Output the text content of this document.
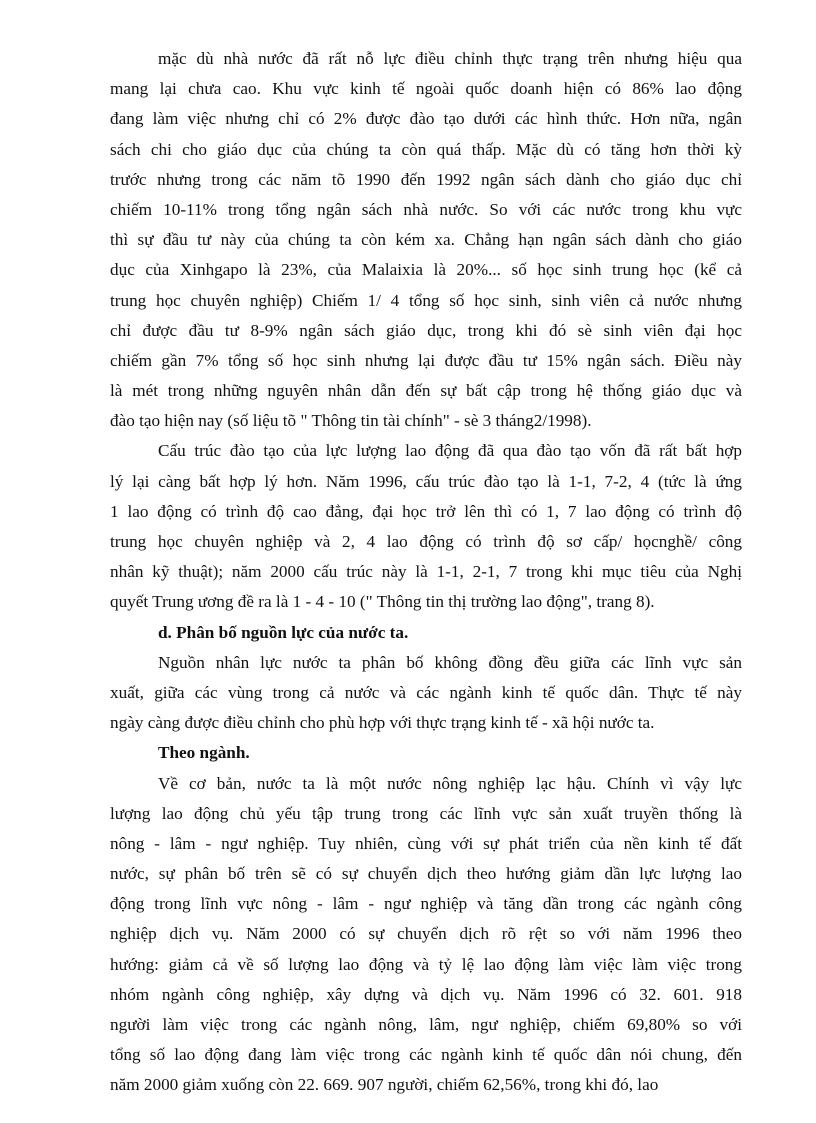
mặc dù nhà nước đã rất nỗ lực điều chỉnh thực trạng trên nhưng hiệu qua
mang lại chưa cao. Khu vực kinh tế ngoài quốc doanh hiện có 86% lao động
đang làm việc nhưng chỉ có 2% được đào tạo dưới các hình thức. Hơn nữa, ngân
sách chi cho giáo dục của chúng ta còn quá thấp. Mặc dù có tăng hơn thời kỳ
trước nhưng trong các năm tõ 1990 đến 1992 ngân sách dành cho giáo dục chỉ
chiếm 10-11% trong tổng ngân sách nhà nước. So với các nước trong khu vực
thì sự đầu tư này của chúng ta còn kém xa. Chẳng hạn ngân sách dành cho giáo
dục của Xinhgapo là 23%, của Malaixia là 20%... số học sinh trung học (kể cả
trung học chuyên nghiệp) Chiếm 1/ 4 tổng số học sinh, sinh viên cả nước nhưng
chỉ được đầu tư 8-9% ngân sách giáo dục, trong khi đó sè sinh viên đại học
chiếm gần 7% tổng số học sinh nhưng lại được đầu tư 15% ngân sách. Điều này
là mét trong những nguyên nhân dẫn đến sự bất cập trong hệ thống giáo dục và
đào tạo hiện nay (số liệu tõ " Thông tin tài chính" - sè 3 tháng2/1998).
Cấu trúc đào tạo của lực lượng lao động đã qua đào tạo vốn đã rất bất hợp
lý lại càng bất hợp lý hơn. Năm 1996, cấu trúc đào tạo là 1-1, 7-2, 4 (tức là ứng
1 lao động có trình độ cao đẳng, đại học trở lên thì có 1, 7 lao động có trình độ
trung học chuyên nghiệp và 2, 4 lao động có trình độ sơ cấp/ họcnghề/ công
nhân kỹ thuật); năm 2000 cấu trúc này là 1-1, 2-1, 7 trong khi mục tiêu của Nghị
quyết Trung ương đề ra là 1 - 4 - 10 (" Thông tin thị trường lao động", trang 8).
d. Phân bố nguồn lực của nước ta.
Nguồn nhân lực nước ta phân bố không đồng đều giữa các lĩnh vực sản
xuất, giữa các vùng trong cả nước và các ngành kinh tế quốc dân. Thực tế này
ngày càng được điều chỉnh cho phù hợp với thực trạng kinh tế - xã hội nước ta.
Theo ngành.
Về cơ bản, nước ta là một nước nông nghiệp lạc hậu. Chính vì vậy lực
lượng lao động chủ yếu tập trung trong các lĩnh vực sản xuất truyền thống là
nông - lâm - ngư nghiệp. Tuy nhiên, cùng với sự phát triển của nền kinh tế đất
nước, sự phân bố trên sẽ có sự chuyển dịch theo hướng giảm dần lực lượng lao
động trong lĩnh vực nông - lâm - ngư nghiệp và tăng dần trong các ngành công
nghiệp dịch vụ. Năm 2000 có sự chuyển dịch rõ rệt so với năm 1996 theo
hướng: giảm cả về số lượng lao động và tỷ lệ lao động làm việc làm việc trong
nhóm ngành công nghiệp, xây dựng và dịch vụ. Năm 1996 có 32. 601. 918
người làm việc trong các ngành nông, lâm, ngư nghiệp, chiếm 69,80% so với
tổng số lao động đang làm việc trong các ngành kinh tế quốc dân nói chung, đến
năm 2000 giảm xuống còn 22. 669. 907 người, chiếm 62,56%, trong khi đó, lao
